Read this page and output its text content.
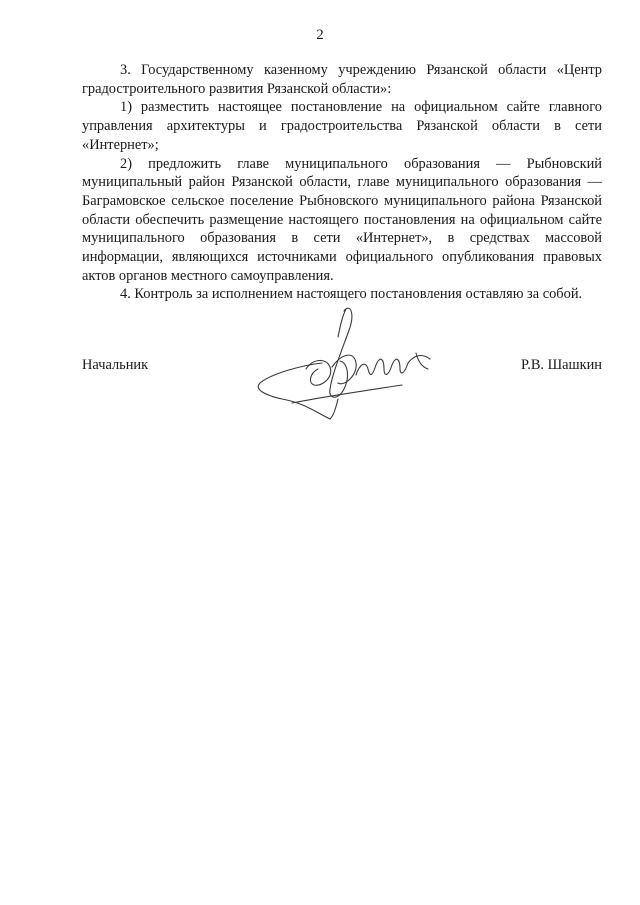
2

3. Государственному казенному учреждению Рязанской области «Центр градостроительного развития Рязанской области»:

1) разместить настоящее постановление на официальном сайте главного управления архитектуры и градостроительства Рязанской области в сети «Интернет»;

2) предложить главе муниципального образования — Рыбновский муниципальный район Рязанской области, главе муниципального образования — Баграмовское сельское поселение Рыбновского муниципального района Рязанской области обеспечить размещение настоящего постановления на официальном сайте муниципального образования в сети «Интернет», в средствах массовой информации, являющихся источниками официального опубликования правовых актов органов местного самоуправления.

4. Контроль за исполнением настоящего постановления оставляю за собой.

Начальник	Р.В. Шашкин
